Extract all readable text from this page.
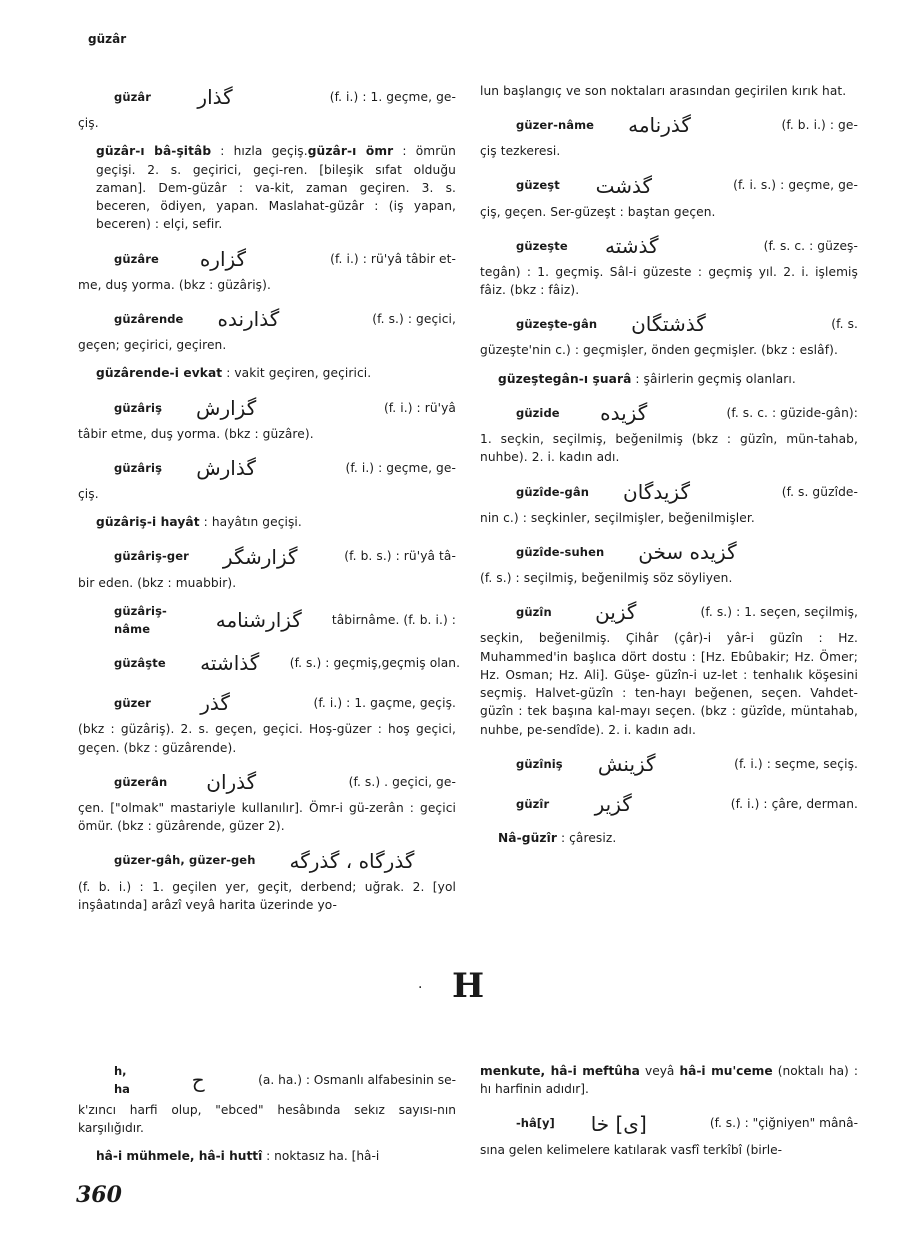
güzâr
güzâr	گذار	(f. i.) : 1. geçme, ge-
çiş.
güzâr-ı bâ-şitâb : hızla geçiş.güzâr-ı ömr : ömrün geçişi. 2. s. geçirici, geçi-ren. [bileşik sıfat olduğu zaman]. Dem-güzâr : va-kit, zaman geçiren. 3. s. beceren, ödiyen, yapan. Maslahat-güzâr : (iş yapan, beceren) : elçi, sefir.
güzâre	گزاره	(f. i.) : rü'yâ tâbir et-
me, duş yorma. (bkz : güzâriş).
güzârende گذارنده	(f. s.) : geçici,
geçen; geçirici, geçiren.
güzârende-i evkat : vakit geçiren, geçirici.
güzâriş گزارش	(f. i.) : rü'yâ
tâbir etme, duş yorma. (bkz : güzâre).
güzâriş گذارش	(f. i.) : geçme, ge-
çiş.
güzâriş-i hayât : hayâtın geçişi.
güzâriş-ger گزارشگر	(f. b. s.) : rü'yâ tâ-
bir eden. (bkz : muabbir).
güzâriş-nâme	گزارشنامه	tâbirnâme. (f. b. i.) :
güzâşte گذاشته	(f. s.) : geçmiş,geçmiş olan.
güzer	گذر	(f. i.) : 1. gaçme, geçiş.
(bkz : güzâriş). 2. s. geçen, geçici. Hoş-güzer : hoş geçici, geçen. (bkz : güzârende).
güzerân گذران	(f. s.) . geçici, ge-
çen. ["olmak" mastariyle kullanılır]. Ömr-i gü-zerân : geçici ömür. (bkz : güzârende, güzer 2).
güzer-gâh, güzer-geh گذرگاه ، گذرگه
(f. b. i.) : 1. geçilen yer, geçit, derbend; uğrak. 2. [yol inşâatında] arâzî veyâ harita üzerinde yo-
lun başlangıç ve son noktaları arasından geçirilen kırık hat.
güzer-nâme گذرنامه	(f. b. i.) : ge-
çiş tezkeresi.
güzeşt گذشت	(f. i. s.) : geçme, ge-
çiş, geçen. Ser-güzeşt : baştan geçen.
güzeşte گذشته	(f. s. c. : güzeş-
tegân) : 1. geçmiş. Sâl-i güzeste : geçmiş yıl. 2. i. işlemiş fâiz. (bkz : fâiz).
güzeşte-gân گذشتگان	(f. s.
güzeşte'nin c.) : geçmişler, önden geçmişler. (bkz : eslâf).
güzeştegân-ı şuarâ : şâirlerin geçmiş olanları.
güzide	گزیده	(f. s. c. : güzide-gân):
1. seçkin, seçilmiş, beğenilmiş (bkz : güzîn, mün-tahab, nuhbe). 2. i. kadın adı.
güzîde-gân گزیدگان	(f. s. güzîde-
nin c.) : seçkinler, seçilmişler, beğenilmişler.
güzîde-suhen گزیده سخن
(f. s.) : seçilmiş, beğenilmiş söz söyliyen.
güzîn	گزین	(f. s.) : 1. seçen, seçilmiş,
seçkin, beğenilmiş. Çihâr (çâr)-i yâr-i güzîn : Hz. Muhammed'in başlıca dört dostu : [Hz. Ebûbakir; Hz. Ömer; Hz. Osman; Hz. Ali]. Güşe- güzîn-i uz-let : tenhalık köşesini seçmiş. Halvet-güzîn : ten-hayı beğenen, seçen. Vahdet-güzîn : tek başına kal-mayı seçen. (bkz : güzîde, müntahab, nuhbe, pe-sendîde). 2. i. kadın adı.
güzîniş گزینش	(f. i.) : seçme, seçiş.
güzîr	گزیر	(f. i.) : çâre, derman.
Nâ-güzîr : çâresiz.
· H
h, ha	ح	(a. ha.) : Osmanlı alfabesinin se-
k'zıncı harfi olup, "ebced" hesâbında sekız sayısı-nın karşılığıdır.
hâ-i mühmele, hâ-i huttî : noktasız ha. [hâ-i
menkute, hâ-i meftûha veyâ hâ-i mu'ceme (noktalı ha) : hı harfinin adıdır].
-hâ[y] [ی] خا	(f. s.) : "çiğniyen" mânâ-
sına gelen kelimelere katılarak vasfî terkîbî (birle-
360
